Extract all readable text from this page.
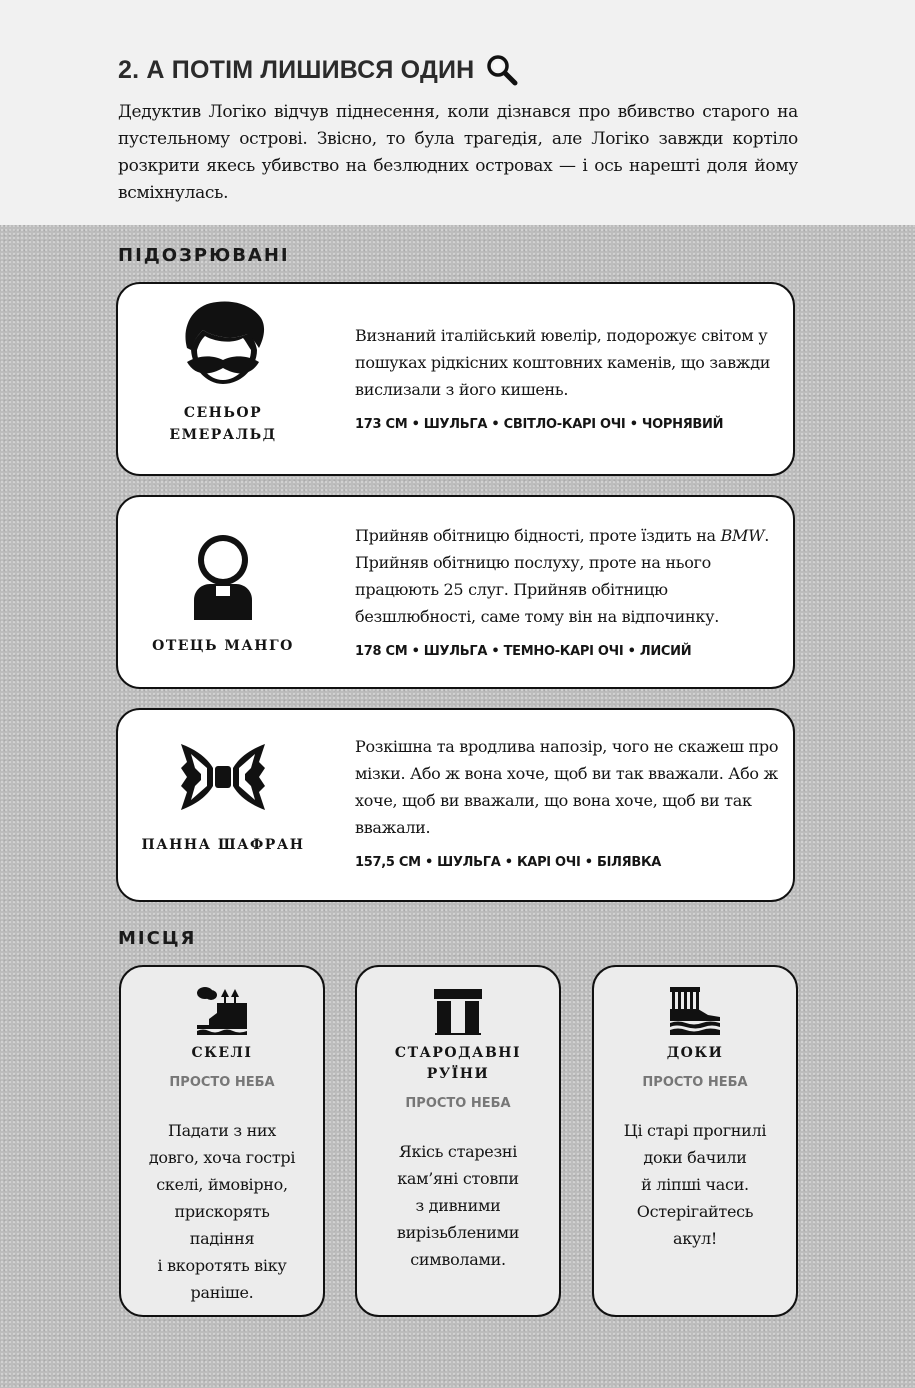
2. А ПОТІМ ЛИШИВСЯ ОДИН
Дедуктив Логіко відчув піднесення, коли дізнався про вбивство старого на пустельному острові. Звісно, то була трагедія, але Логіко завжди кортіло розкрити якесь убивство на безлюдних островах — і ось нарешті доля йому всміхнулась.
ПІДОЗРЮВАНІ
СЕНЬОР
ЕМЕРАЛЬД
Визнаний італійський ювелір, подорожує світом у пошуках рідкісних коштовних каменів, що завжди вислизали з його кишень.
173 СМ • ШУЛЬГА • СВІТЛО-КАРІ ОЧІ • ЧОРНЯВИЙ
ОТЕЦЬ МАНГО
Прийняв обітницю бідності, проте їздить на BMW. Прийняв обітницю послуху, проте на нього працюють 25 слуг. Прийняв обітницю безшлюбності, саме тому він на відпочинку.
178 СМ • ШУЛЬГА • ТЕМНО-КАРІ ОЧІ • ЛИСИЙ
ПАННА ШАФРАН
Розкішна та вродлива напозір, чого не скажеш про мізки. Або ж вона хоче, щоб ви так вважали. Або ж хоче, щоб ви вважали, що вона хоче, щоб ви так вважали.
157,5 СМ • ШУЛЬГА • КАРІ ОЧІ • БІЛЯВКА
МІСЦЯ
СКЕЛІ
ПРОСТО НЕБА
Падати з них
довго, хоча гострі
скелі, ймовірно,
прискорять
падіння
і вкоротять віку
раніше.
СТАРОДАВНІ
РУЇНИ
ПРОСТО НЕБА
Якісь старезні
кам’яні стовпи
з дивними
вирізьбленими
символами.
ДОКИ
ПРОСТО НЕБА
Ці старі прогнилі
доки бачили
й ліпші часи.
Остерігайтесь
акул!
